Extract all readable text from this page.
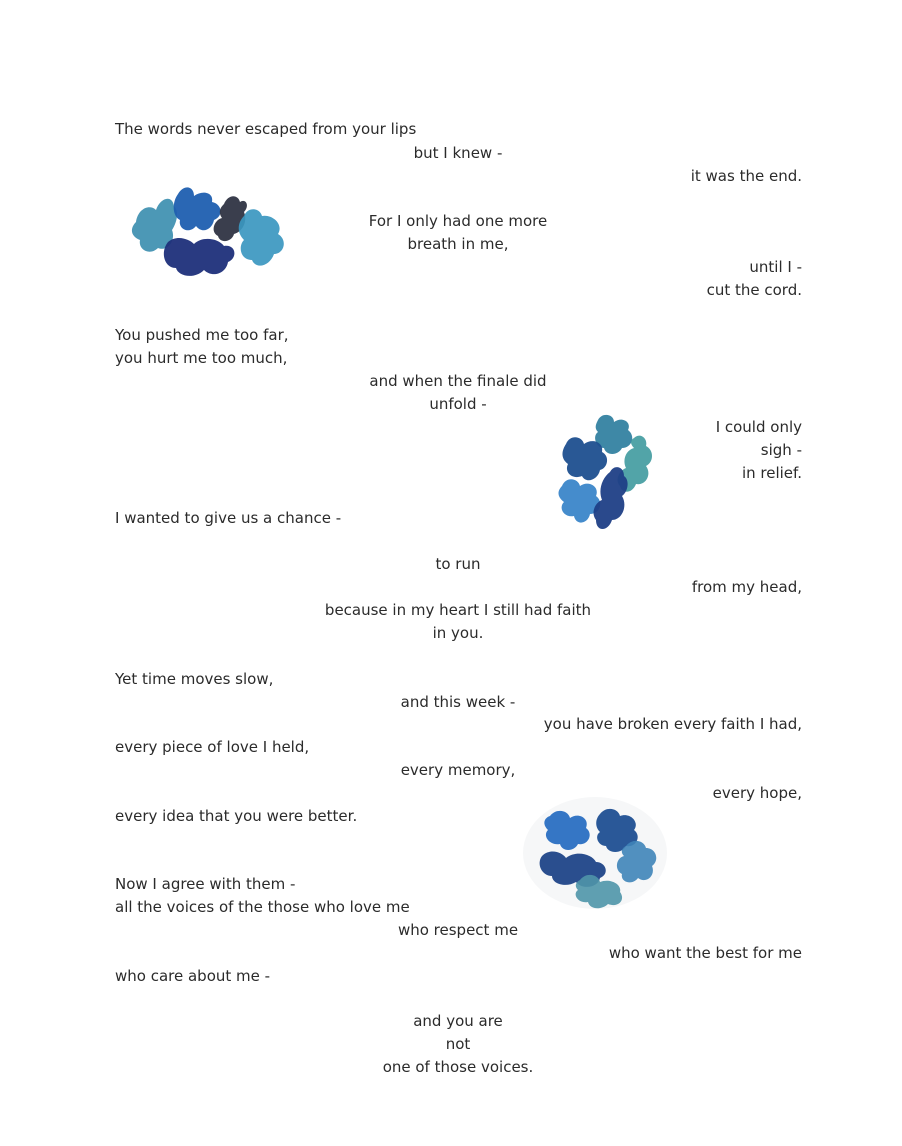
The words never escaped from your lips

but I knew -

it was the end.

For I only had one more

breath in me,

until I -

cut the cord.

You pushed me too far,

you hurt me too much,

and when the finale did

unfold -

I could only

sigh -

in relief.

I wanted to give us a chance -

to run

from my head,

because in my heart I still had faith

in you.

Yet time moves slow,

and this week -

you have broken every faith I had,

every piece of love I held,

every memory,

every hope,

every idea that you were better.

Now I agree with them -

all the voices of the those who love me

who respect me

who want the best for me

who care about me -

and you are

not

one of those voices.
